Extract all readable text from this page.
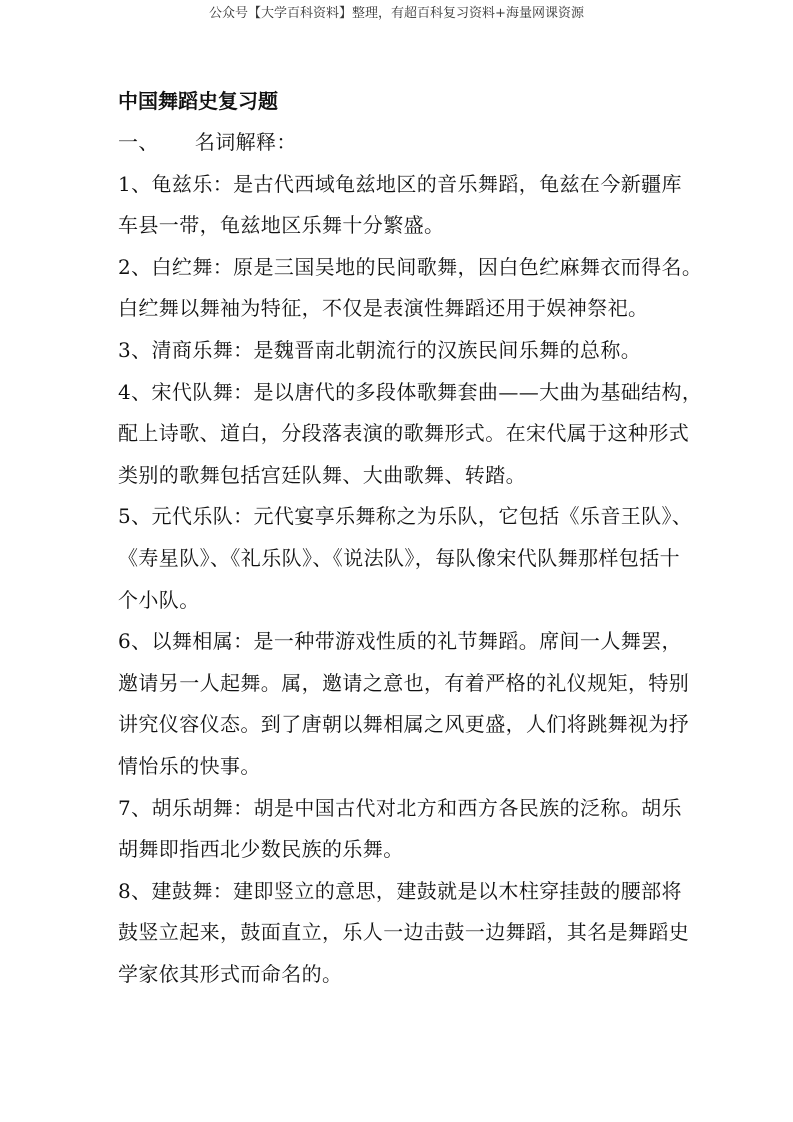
公众号【大学百科资料】整理，有超百科复习资料+海量网课资源
中国舞蹈史复习题
一、 名词解释：
1、龟兹乐：是古代西域龟兹地区的音乐舞蹈，龟兹在今新疆库
车县一带，龟兹地区乐舞十分繁盛。
2、白纻舞：原是三国吴地的民间歌舞，因白色纻麻舞衣而得名。
白纻舞以舞袖为特征，不仅是表演性舞蹈还用于娱神祭祀。
3、清商乐舞：是魏晋南北朝流行的汉族民间乐舞的总称。
4、宋代队舞：是以唐代的多段体歌舞套曲——大曲为基础结构，
配上诗歌、道白，分段落表演的歌舞形式。在宋代属于这种形式
类别的歌舞包括宫廷队舞、大曲歌舞、转踏。
5、元代乐队：元代宴享乐舞称之为乐队，它包括《乐音王队》、
《寿星队》、《礼乐队》、《说法队》，每队像宋代队舞那样包括十
个小队。
6、以舞相属：是一种带游戏性质的礼节舞蹈。席间一人舞罢，
邀请另一人起舞。属，邀请之意也，有着严格的礼仪规矩，特别
讲究仪容仪态。到了唐朝以舞相属之风更盛，人们将跳舞视为抒
情怡乐的快事。
7、胡乐胡舞：胡是中国古代对北方和西方各民族的泛称。胡乐
胡舞即指西北少数民族的乐舞。
8、建鼓舞：建即竖立的意思，建鼓就是以木柱穿挂鼓的腰部将
鼓竖立起来，鼓面直立，乐人一边击鼓一边舞蹈，其名是舞蹈史
学家依其形式而命名的。
